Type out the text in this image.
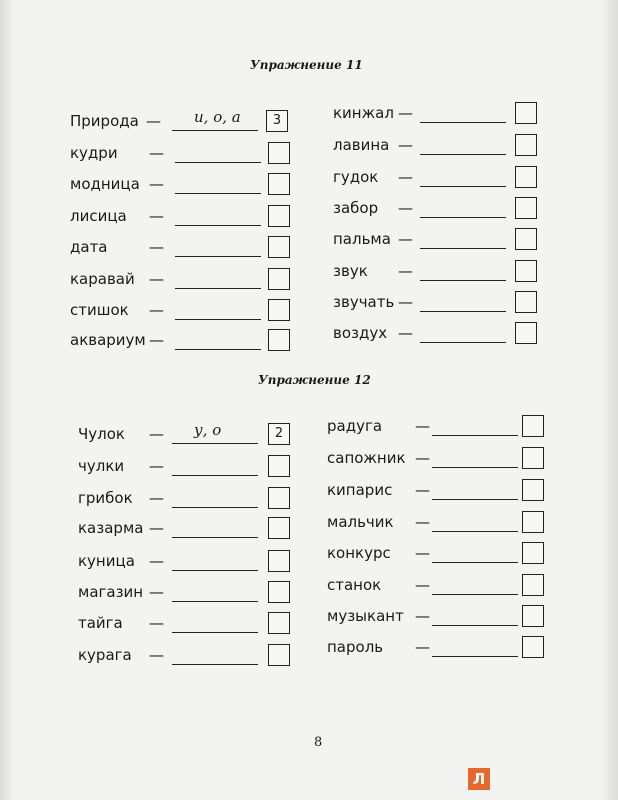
Упражнение 11
Природа — и, о, а	3
кудри —
модница —
лисица —
дата	—
каравай —
стишок —
аквариум —
кинжал —
лавина —
гудок —
забор —
пальма —
звук —
звучать —
воздух —
Упражнение 12
Чулок — у, о	2
чулки —
грибок —
казарма —
куница —
магазин —
тайга —
курага —
радуга —
сапожник —
кипарис —
мальчик —
конкурс —
станок —
музыкант —
пароль —
8
Л
